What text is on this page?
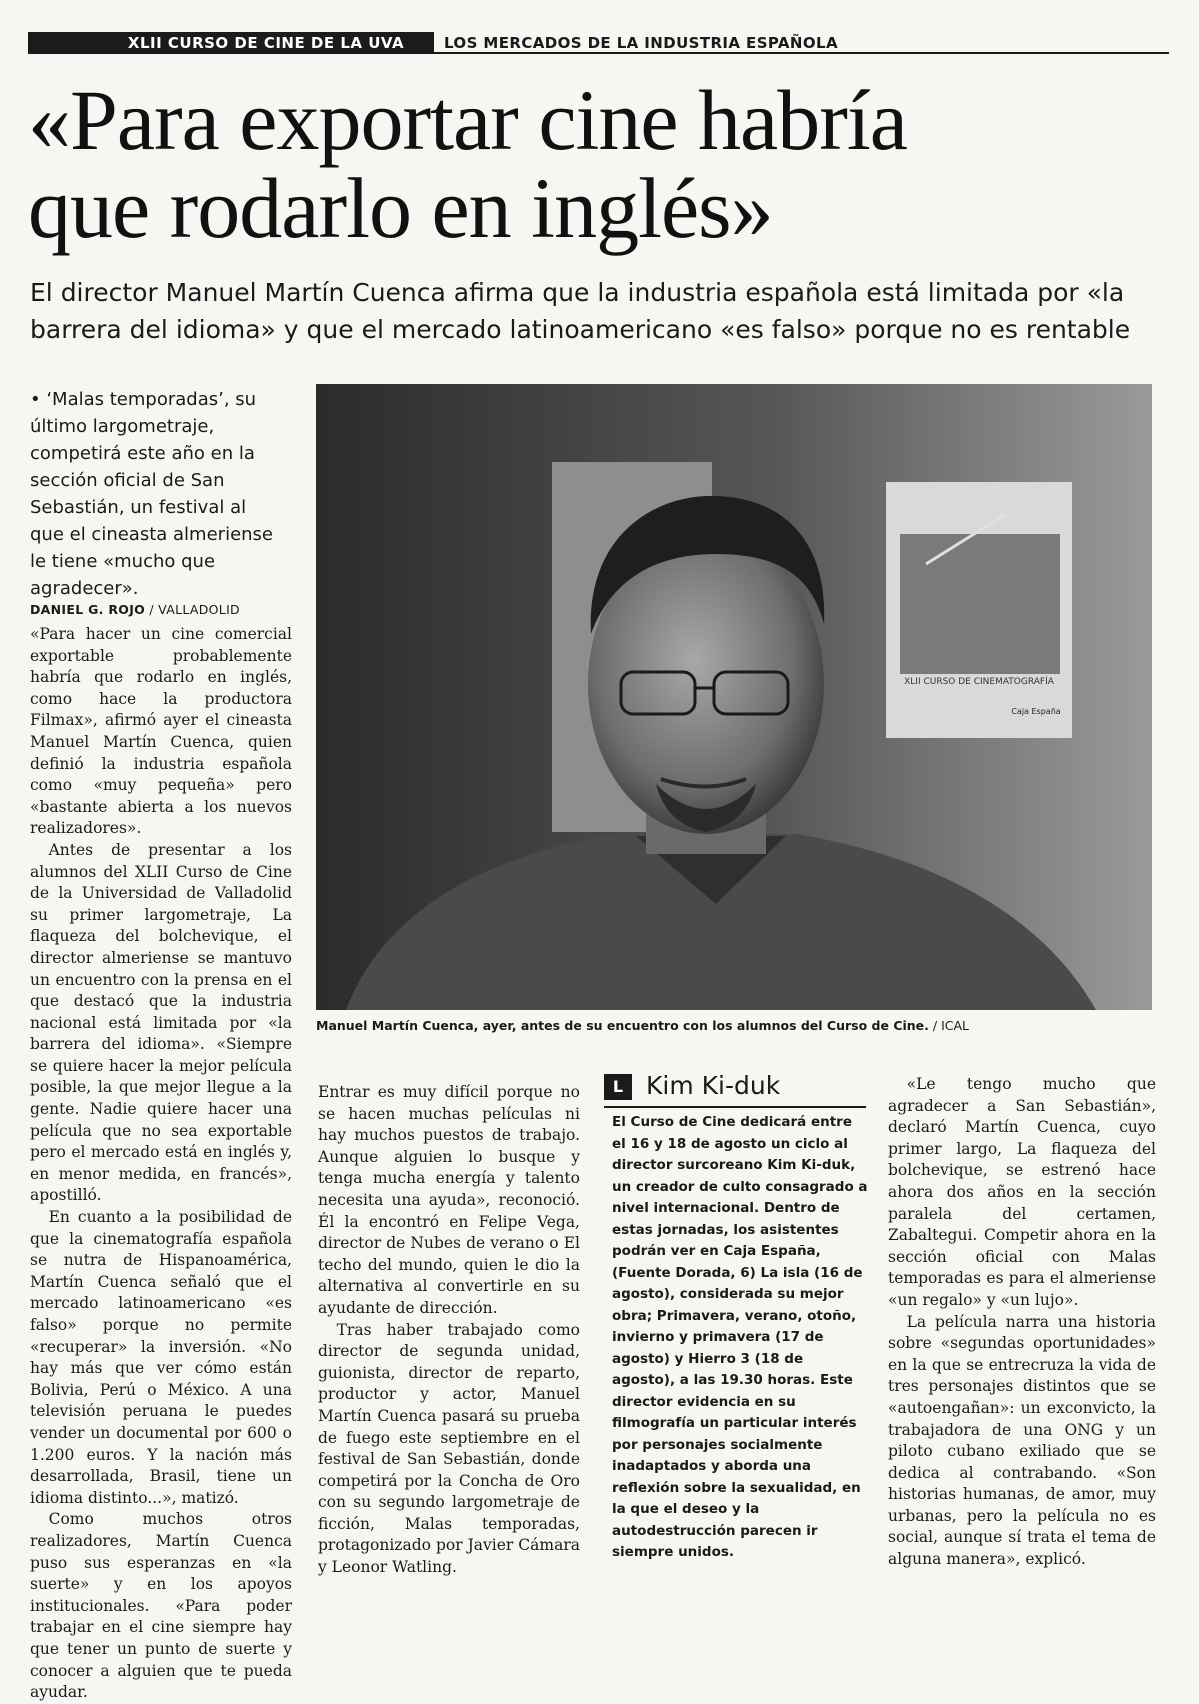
XLII CURSO DE CINE DE LA UVA	LOS MERCADOS DE LA INDUSTRIA ESPAÑOLA
«Para exportar cine habría
que rodarlo en inglés»

El director Manuel Martín Cuenca afirma que la industria española está limitada por «la barrera del idioma» y que el mercado latinoamericano «es falso» porque no es rentable

• ‘Malas temporadas’, su último largometraje, competirá este año en la sección oficial de San Sebastián, un festival al que el cineasta almeriense le tiene «mucho que agradecer».

DANIEL G. ROJO / VALLADOLID

«Para hacer un cine comercial exportable probablemente habría que rodarlo en inglés, como hace la productora Filmax», afirmó ayer el cineasta Manuel Martín Cuenca, quien definió la industria española como «muy pequeña» pero «bastante abierta a los nuevos realizadores».

Antes de presentar a los alumnos del XLII Curso de Cine de la Universidad de Valladolid su primer largometraje, La flaqueza del bolchevique, el director almeriense se mantuvo un encuentro con la prensa en el que destacó que la industria nacional está limitada por «la barrera del idioma». «Siempre se quiere hacer la mejor película posible, la que mejor llegue a la gente. Nadie quiere hacer una película que no sea exportable pero el mercado está en inglés y, en menor medida, en francés», apostilló.

En cuanto a la posibilidad de que la cinematografía española se nutra de Hispanoamérica, Martín Cuenca señaló que el mercado latinoamericano «es falso» porque no permite «recuperar» la inversión. «No hay más que ver cómo están Bolivia, Perú o México. A una televisión peruana le puedes vender un documental por 600 o 1.200 euros. Y la nación más desarrollada, Brasil, tiene un idioma distinto...», matizó.

Como muchos otros realizadores, Martín Cuenca puso sus esperanzas en «la suerte» y en los apoyos institucionales. «Para poder trabajar en el cine siempre hay que tener un punto de suerte y conocer a alguien que te pueda ayudar.

XLII CURSO DE CINEMATOGRAFÍA
Caja España
Manuel Martín Cuenca, ayer, antes de su encuentro con los alumnos del Curso de Cine. / ICAL

Entrar es muy difícil porque no se hacen muchas películas ni hay muchos puestos de trabajo. Aunque alguien lo busque y tenga mucha energía y talento necesita una ayuda», reconoció. Él la encontró en Felipe Vega, director de Nubes de verano o El techo del mundo, quien le dio la alternativa al convertirle en su ayudante de dirección.

Tras haber trabajado como director de segunda unidad, guionista, director de reparto, productor y actor, Manuel Martín Cuenca pasará su prueba de fuego este septiembre en el festival de San Sebastián, donde competirá por la Concha de Oro con su segundo largometraje de ficción, Malas temporadas, protagonizado por Javier Cámara y Leonor Watling.

L Kim Ki-duk

El Curso de Cine dedicará entre el 16 y 18 de agosto un ciclo al director surcoreano Kim Ki-duk, un creador de culto consagrado a nivel internacional. Dentro de estas jornadas, los asistentes podrán ver en Caja España, (Fuente Dorada, 6) La isla (16 de agosto), considerada su mejor obra; Primavera, verano, otoño, invierno y primavera (17 de agosto) y Hierro 3 (18 de agosto), a las 19.30 horas. Este director evidencia en su filmografía un particular interés por personajes socialmente inadaptados y aborda una reflexión sobre la sexualidad, en la que el deseo y la autodestrucción parecen ir siempre unidos.

«Le tengo mucho que agradecer a San Sebastián», declaró Martín Cuenca, cuyo primer largo, La flaqueza del bolchevique, se estrenó hace ahora dos años en la sección paralela del certamen, Zabaltegui. Competir ahora en la sección oficial con Malas temporadas es para el almeriense «un regalo» y «un lujo».

La película narra una historia sobre «segundas oportunidades» en la que se entrecruza la vida de tres personajes distintos que se «autoengañan»: un exconvicto, la trabajadora de una ONG y un piloto cubano exiliado que se dedica al contrabando. «Son historias humanas, de amor, muy urbanas, pero la película no es social, aunque sí trata el tema de alguna manera», explicó.
